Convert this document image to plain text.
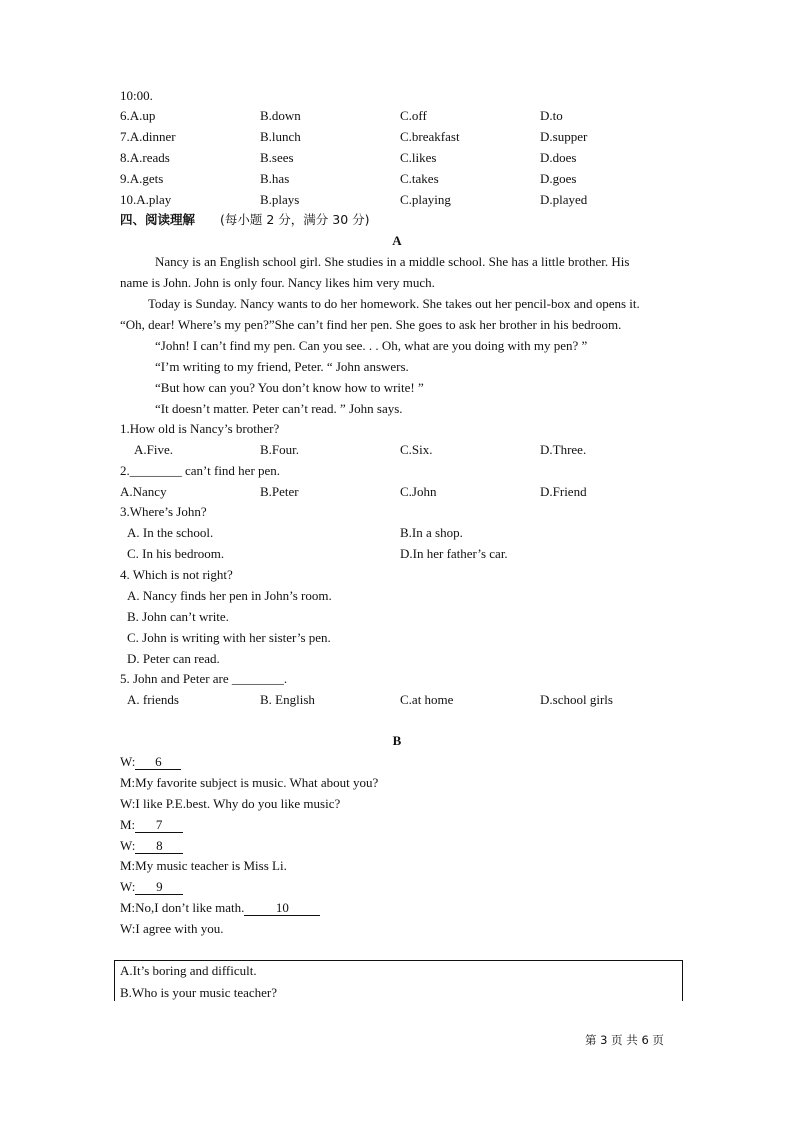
10:00.
6.A.up	B.down	C.off	D.to
7.A.dinner	B.lunch	C.breakfast	D.supper
8.A.reads	B.sees	C.likes	D.does
9.A.gets	B.has	C.takes	D.goes
10.A.play	B.plays	C.playing	D.played
四、阅读理解 (每小题 2 分，满分 30 分)
A
Nancy is an English school girl. She studies in a middle school. She has a little brother. His
name is John. John is only four. Nancy likes him very much.
Today is Sunday. Nancy wants to do her homework. She takes out her pencil-box and opens it.
“Oh, dear! Where’s my pen?”She can’t find her pen. She goes to ask her brother in his bedroom.
“John! I can’t find my pen. Can you see. . . Oh, what are you doing with my pen? ”
“I’m writing to my friend, Peter. “ John answers.
“But how can you? You don’t know how to write! ”
“It doesn’t matter. Peter can’t read. ” John says.
1.How old is Nancy’s brother?
A.Five.	B.Four.	C.Six.	D.Three.
2.________ can’t find her pen.
A.Nancy	B.Peter	C.John	D.Friend
3.Where’s John?
A. In the school.	B.In a shop.
C. In his bedroom.	D.In her father’s car.
4. Which is not right?
A. Nancy finds her pen in John’s room.
B. John can’t write.
C. John is writing with her sister’s pen.
D. Peter can read.
5. John and Peter are ________.
A. friends	B. English	C.at home	D.school girls
B
W: 6
M:My favorite subject is music. What about you?
W:I like P.E.best. Why do you like music?
M: 7
W: 8
M:My music teacher is Miss Li.
W: 9
M:No,I don’t like math. 10
W:I agree with you.
A.It’s boring and difficult.
B.Who is your music teacher?
第 3 页 共 6 页
